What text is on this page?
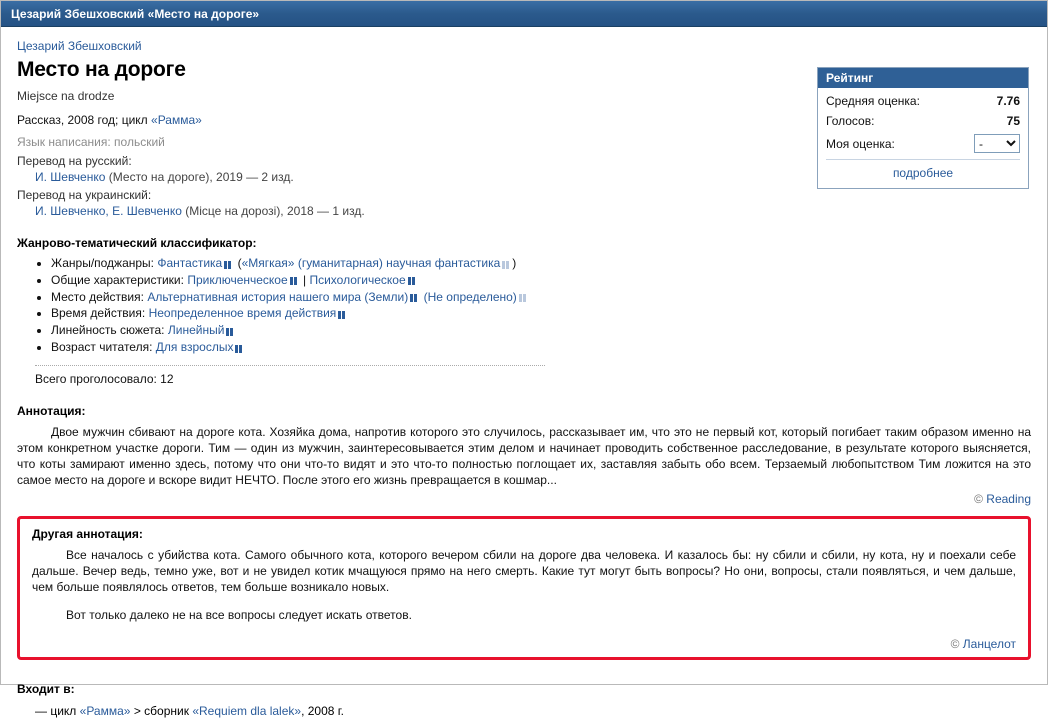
Цезарий Збешховский «Место на дороге»
Рейтинг
Средняя оценка:	7.76
Голосов:	75
Моя оценка:
-
подробнее
Цезарий Збешховский
Место на дороге
Miejsce na drodze
Рассказ, 2008 год; цикл «Рамма»
Язык написания: польский
Перевод на русский:
И. Шевченко (Место на дороге), 2019 — 2 изд.
Перевод на украинский:
И. Шевченко, Е. Шевченко (Місце на дорозі), 2018 — 1 изд.
Жанрово-тематический классификатор:
• Жанры/поджанры: Фантастика («Мягкая» (гуманитарная) научная фантастика )
• Общие характеристики: Приключенческое | Психологическое
• Место действия: Альтернативная история нашего мира (Земли) (Не определено)
• Время действия: Неопределенное время действия
• Линейность сюжета: Линейный
• Возраст читателя: Для взрослых
Всего проголосовало: 12
Аннотация:
Двое мужчин сбивают на дороге кота. Хозяйка дома, напротив которого это случилось, рассказывает им, что это не первый кот, который погибает таким образом именно на этом конкретном участке дороги. Тим — один из мужчин, заинтересовывается этим делом и начинает проводить собственное расследование, в результате которого выясняется, что коты замирают именно здесь, потому что они что-то видят и это что-то полностью поглощает их, заставляя забыть обо всем. Терзаемый любопытством Тим ложится на это самое место на дороге и вскоре видит НЕЧТО. После этого его жизнь превращается в кошмар...
© Reading
Другая аннотация:
Все началось с убийства кота. Самого обычного кота, которого вечером сбили на дороге два человека. И казалось бы: ну сбили и сбили, ну кота, ну и поехали себе дальше. Вечер ведь, темно уже, вот и не увидел котик мчащуюся прямо на него смерть. Какие тут могут быть вопросы? Но они, вопросы, стали появляться, и чем дальше, чем больше появлялось ответов, тем больше возникало новых.
Вот только далеко не на все вопросы следует искать ответов.
© Ланцелот
Входит в:
— цикл «Рамма» > сборник «Requiem dla lalek», 2008 г.
